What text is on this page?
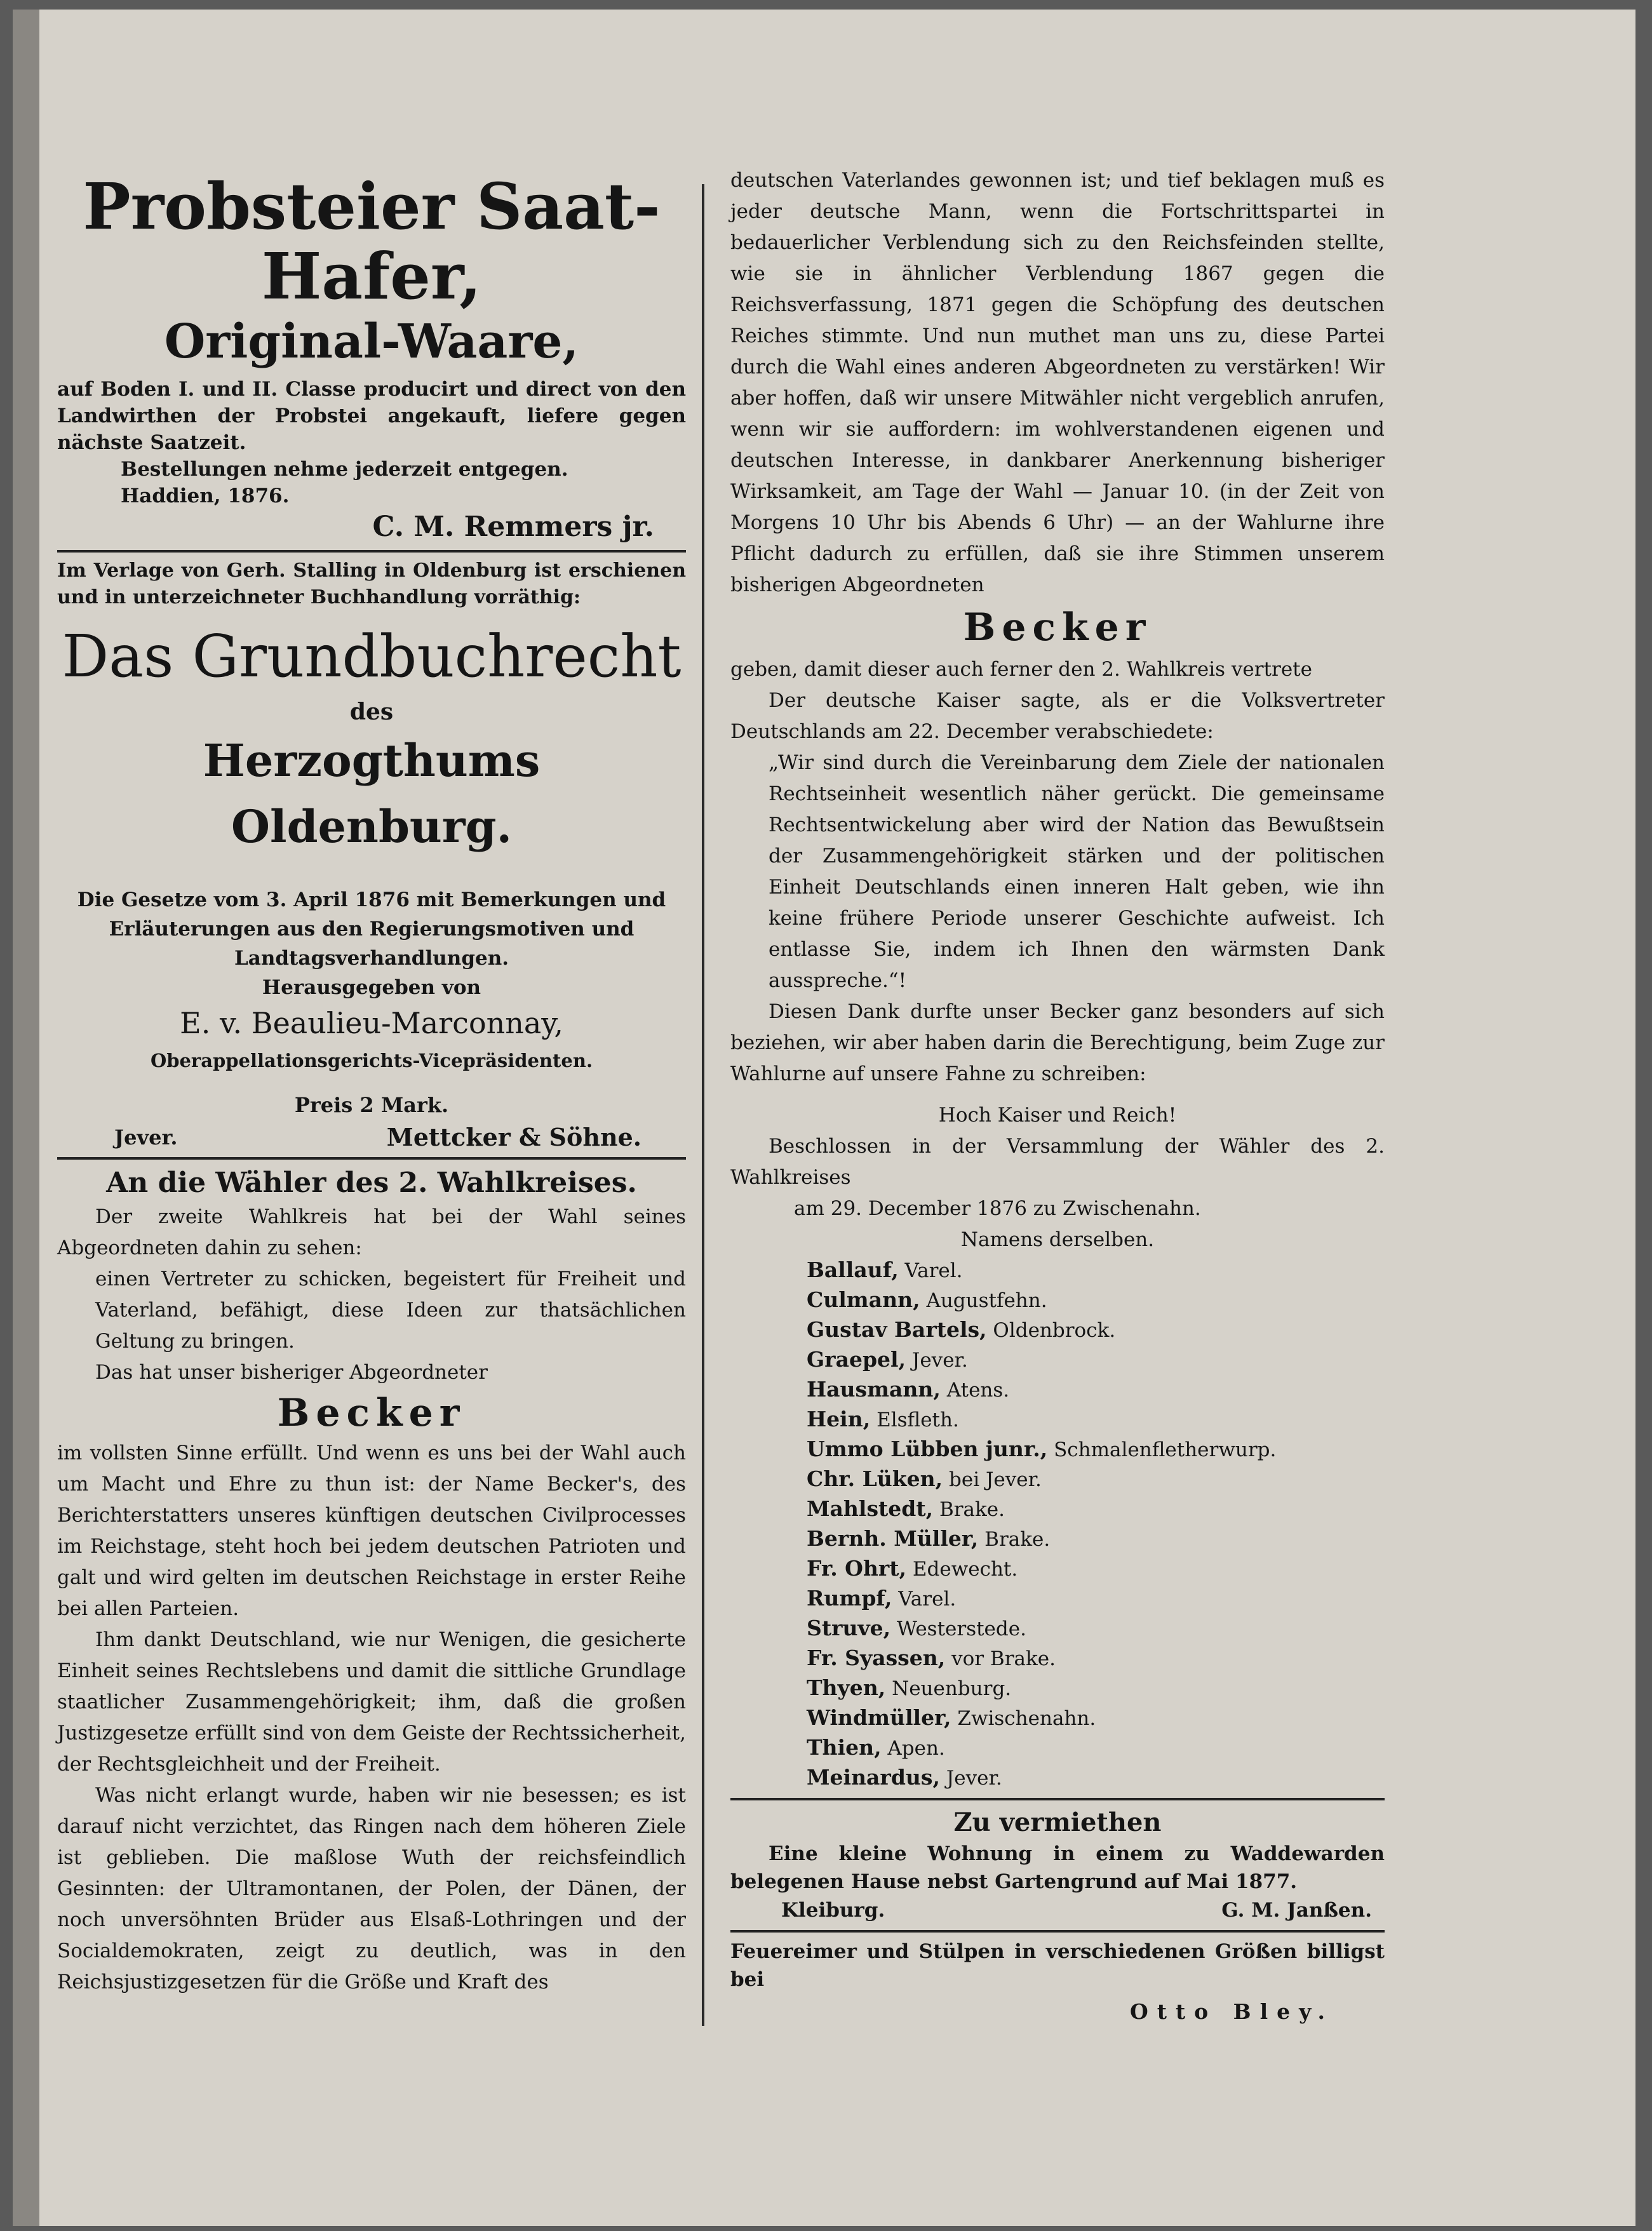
Probsteier Saat-

Hafer,

Original-Waare,

auf Boden I. und II. Classe producirt und direct von den Landwirthen der Probstei angekauft, liefere gegen nächste Saatzeit.

Bestellungen nehme jederzeit entgegen.

Haddien, 1876.

C. M. Remmers jr.

Im Verlage von Gerh. Stalling in Oldenburg ist erschienen und in unterzeichneter Buchhandlung vorräthig:

Das Grundbuchrecht

des

Herzogthums Oldenburg.

Die Gesetze vom 3. April 1876 mit Bemerkungen und Erläuterungen aus den Regierungsmotiven und Landtagsverhandlungen.

Herausgegeben von

E. v. Beaulieu-Marconnay,

Oberappellationsgerichts-Vicepräsidenten.

Preis 2 Mark.

Jever.	Mettcker & Söhne.

An die Wähler des 2. Wahlkreises.

Der zweite Wahlkreis hat bei der Wahl seines Abgeordneten dahin zu sehen:

einen Vertreter zu schicken, begeistert für Freiheit und Vaterland, befähigt, diese Ideen zur thatsächlichen Geltung zu bringen.

Das hat unser bisheriger Abgeordneter

Becker

im vollsten Sinne erfüllt. Und wenn es uns bei der Wahl auch um Macht und Ehre zu thun ist: der Name Becker's, des Berichterstatters unseres künftigen deutschen Civilprocesses im Reichstage, steht hoch bei jedem deutschen Patrioten und galt und wird gelten im deutschen Reichstage in erster Reihe bei allen Parteien.

Ihm dankt Deutschland, wie nur Wenigen, die gesicherte Einheit seines Rechtslebens und damit die sittliche Grundlage staatlicher Zusammengehörigkeit; ihm, daß die großen Justizgesetze erfüllt sind von dem Geiste der Rechtssicherheit, der Rechtsgleichheit und der Freiheit.

Was nicht erlangt wurde, haben wir nie besessen; es ist darauf nicht verzichtet, das Ringen nach dem höheren Ziele ist geblieben. Die maßlose Wuth der reichsfeindlich Gesinnten: der Ultramontanen, der Polen, der Dänen, der noch unversöhnten Brüder aus Elsaß-Lothringen und der Socialdemokraten, zeigt zu deutlich, was in den Reichsjustizgesetzen für die Größe und Kraft des

deutschen Vaterlandes gewonnen ist; und tief beklagen muß es jeder deutsche Mann, wenn die Fortschrittspartei in bedauerlicher Verblendung sich zu den Reichsfeinden stellte, wie sie in ähnlicher Verblendung 1867 gegen die Reichsverfassung, 1871 gegen die Schöpfung des deutschen Reiches stimmte. Und nun muthet man uns zu, diese Partei durch die Wahl eines anderen Abgeordneten zu verstärken! Wir aber hoffen, daß wir unsere Mitwähler nicht vergeblich anrufen, wenn wir sie auffordern: im wohlverstandenen eigenen und deutschen Interesse, in dankbarer Anerkennung bisheriger Wirksamkeit, am Tage der Wahl — Januar 10. (in der Zeit von Morgens 10 Uhr bis Abends 6 Uhr) — an der Wahlurne ihre Pflicht dadurch zu erfüllen, daß sie ihre Stimmen unserem bisherigen Abgeordneten

Becker

geben, damit dieser auch ferner den 2. Wahlkreis vertrete

Der deutsche Kaiser sagte, als er die Volksvertreter Deutschlands am 22. December verabschiedete:

„Wir sind durch die Vereinbarung dem Ziele der nationalen Rechtseinheit wesentlich näher gerückt. Die gemeinsame Rechtsentwickelung aber wird der Nation das Bewußtsein der Zusammengehörigkeit stärken und der politischen Einheit Deutschlands einen inneren Halt geben, wie ihn keine frühere Periode unserer Geschichte aufweist. Ich entlasse Sie, indem ich Ihnen den wärmsten Dank ausspreche.“!

Diesen Dank durfte unser Becker ganz besonders auf sich beziehen, wir aber haben darin die Berechtigung, beim Zuge zur Wahlurne auf unsere Fahne zu schreiben:

Hoch Kaiser und Reich!

Beschlossen in der Versammlung der Wähler des 2. Wahlkreises

am 29. December 1876 zu Zwischenahn.

Namens derselben.

Ballauf, Varel.

Culmann, Augustfehn.

Gustav Bartels, Oldenbrock.

Graepel, Jever.

Hausmann, Atens.

Hein, Elsfleth.

Ummo Lübben junr., Schmalenfletherwurp.

Chr. Lüken, bei Jever.

Mahlstedt, Brake.

Bernh. Müller, Brake.

Fr. Ohrt, Edewecht.

Rumpf, Varel.

Struve, Westerstede.

Fr. Syassen, vor Brake.

Thyen, Neuenburg.

Windmüller, Zwischenahn.

Thien, Apen.

Meinardus, Jever.

Zu vermiethen

Eine kleine Wohnung in einem zu Waddewarden belegenen Hause nebst Gartengrund auf Mai 1877.

Kleiburg.	G. M. Janßen.

Feuereimer und Stülpen in verschiedenen Größen billigst bei

Otto Bley.
